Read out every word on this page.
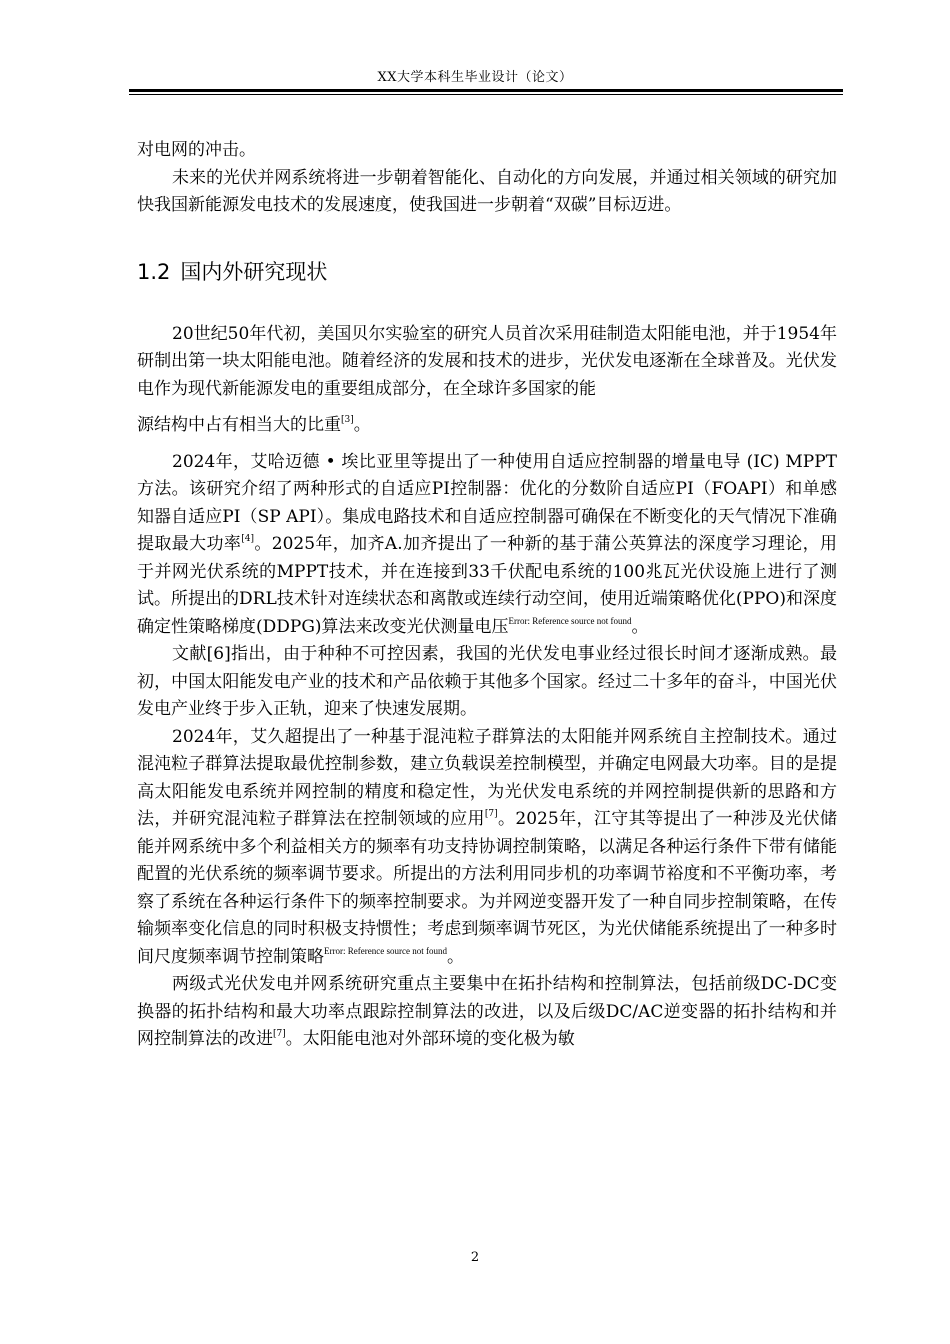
XX大学本科生毕业设计（论文）

对电网的冲击。

未来的光伏并网系统将进一步朝着智能化、自动化的方向发展，并通过相关领域的研究加快我国新能源发电技术的发展速度，使我国进一步朝着“双碳”目标迈进。

1.2 国内外研究现状

20世纪50年代初，美国贝尔实验室的研究人员首次采用硅制造太阳能电池，并于1954年研制出第一块太阳能电池。随着经济的发展和技术的进步，光伏发电逐渐在全球普及。光伏发电作为现代新能源发电的重要组成部分，在全球许多国家的能

源结构中占有相当大的比重[3]。

2024年，艾哈迈德 • 埃比亚里等提出了一种使用自适应控制器的增量电导 (IC) MPPT方法。该研究介绍了两种形式的自适应PI控制器：优化的分数阶自适应PI（FOAPI）和单感知器自适应PI（SP API）。集成电路技术和自适应控制器可确保在不断变化的天气情况下准确提取最大功率[4]。2025年，加齐A.加齐提出了一种新的基于蒲公英算法的深度学习理论，用于并网光伏系统的MPPT技术，并在连接到33千伏配电系统的100兆瓦光伏设施上进行了测试。所提出的DRL技术针对连续状态和离散或连续行动空间，使用近端策略优化(PPO)和深度确定性策略梯度(DDPG)算法来改变光伏测量电压$^{Error: Reference source not found}$。

文献[6]指出，由于种种不可控因素，我国的光伏发电事业经过很长时间才逐渐成熟。最初，中国太阳能发电产业的技术和产品依赖于其他多个国家。经过二十多年的奋斗，中国光伏发电产业终于步入正轨，迎来了快速发展期。

2024年，艾久超提出了一种基于混沌粒子群算法的太阳能并网系统自主控制技术。通过混沌粒子群算法提取最优控制参数，建立负载误差控制模型，并确定电网最大功率。目的是提高太阳能发电系统并网控制的精度和稳定性，为光伏发电系统的并网控制提供新的思路和方法，并研究混沌粒子群算法在控制领域的应用[7]。2025年，江守其等提出了一种涉及光伏储能并网系统中多个利益相关方的频率有功支持协调控制策略，以满足各种运行条件下带有储能配置的光伏系统的频率调节要求。所提出的方法利用同步机的功率调节裕度和不平衡功率，考察了系统在各种运行条件下的频率控制要求。为并网逆变器开发了一种自同步控制策略，在传输频率变化信息的同时积极支持惯性；考虑到频率调节死区，为光伏储能系统提出了一种多时间尺度频率调节控制策略$^{Error: Reference source not found}$。

两级式光伏发电并网系统研究重点主要集中在拓扑结构和控制算法，包括前级DC-DC变换器的拓扑结构和最大功率点跟踪控制算法的改进，以及后级DC/AC逆变器的拓扑结构和并网控制算法的改进[7]。太阳能电池对外部环境的变化极为敏

2
